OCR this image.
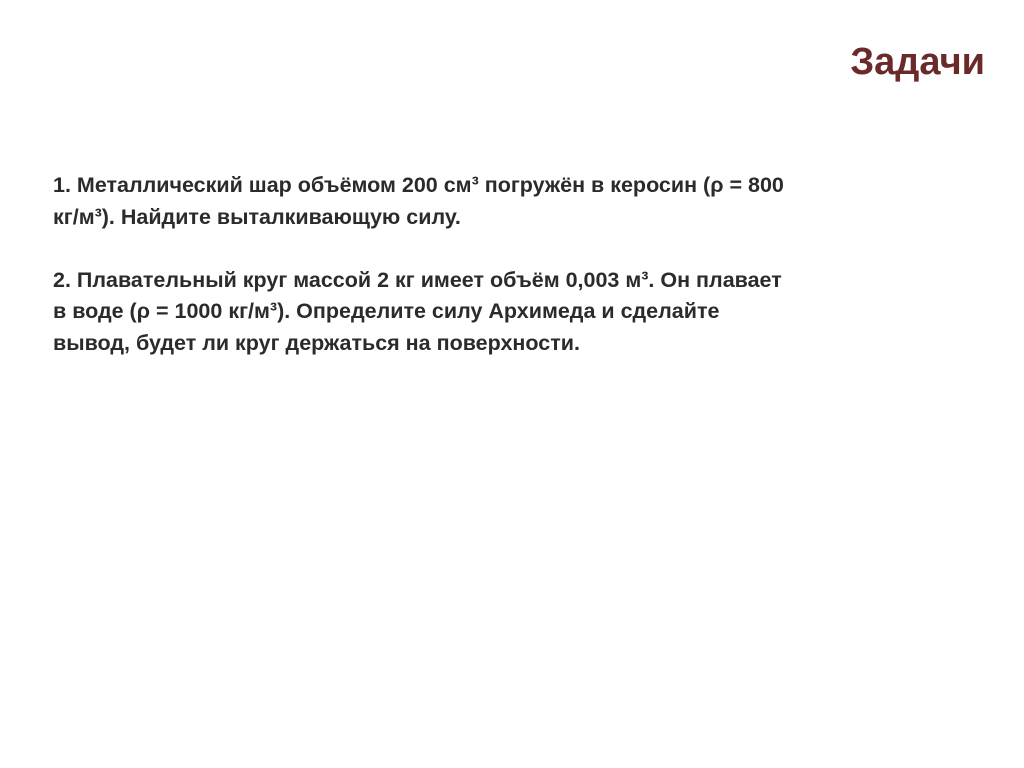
Задачи

1. Металлический шар объёмом 200 см³ погружён в керосин (ρ = 800
кг/м³). Найдите выталкивающую силу.

2. Плавательный круг массой 2 кг имеет объём 0,003 м³. Он плавает
в воде (ρ = 1000 кг/м³). Определите силу Архимеда и сделайте
вывод, будет ли круг держаться на поверхности.
